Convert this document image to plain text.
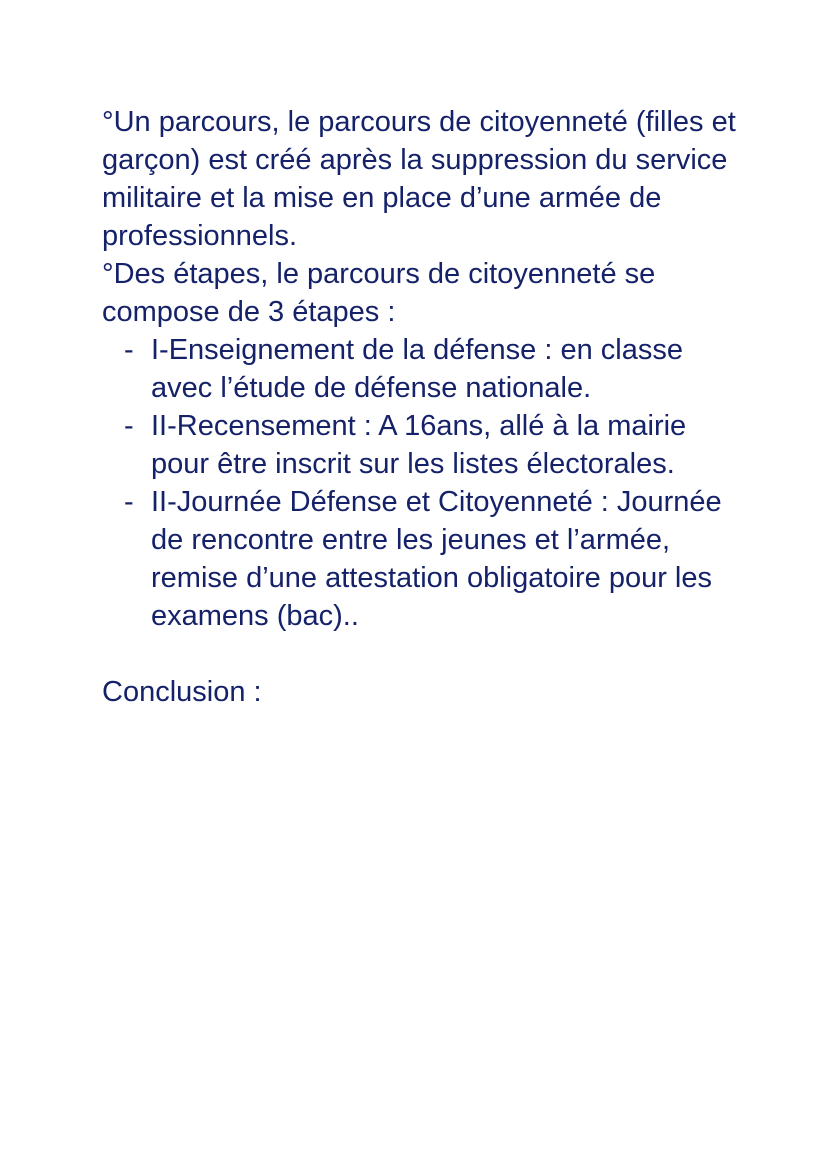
°Un parcours, le parcours de citoyenneté (filles et garçon) est créé après la suppression du service militaire et la mise en place d’une armée de professionnels.

°Des étapes, le parcours de citoyenneté se compose de 3 étapes :

- I-Enseignement de la défense : en classe avec l’étude de défense nationale.
- II-Recensement : A 16ans, allé à la mairie pour être inscrit sur les listes électorales.
- II-Journée Défense et Citoyenneté : Journée de rencontre entre les jeunes et l’armée, remise d’une attestation obligatoire pour les examens (bac)..

Conclusion :
